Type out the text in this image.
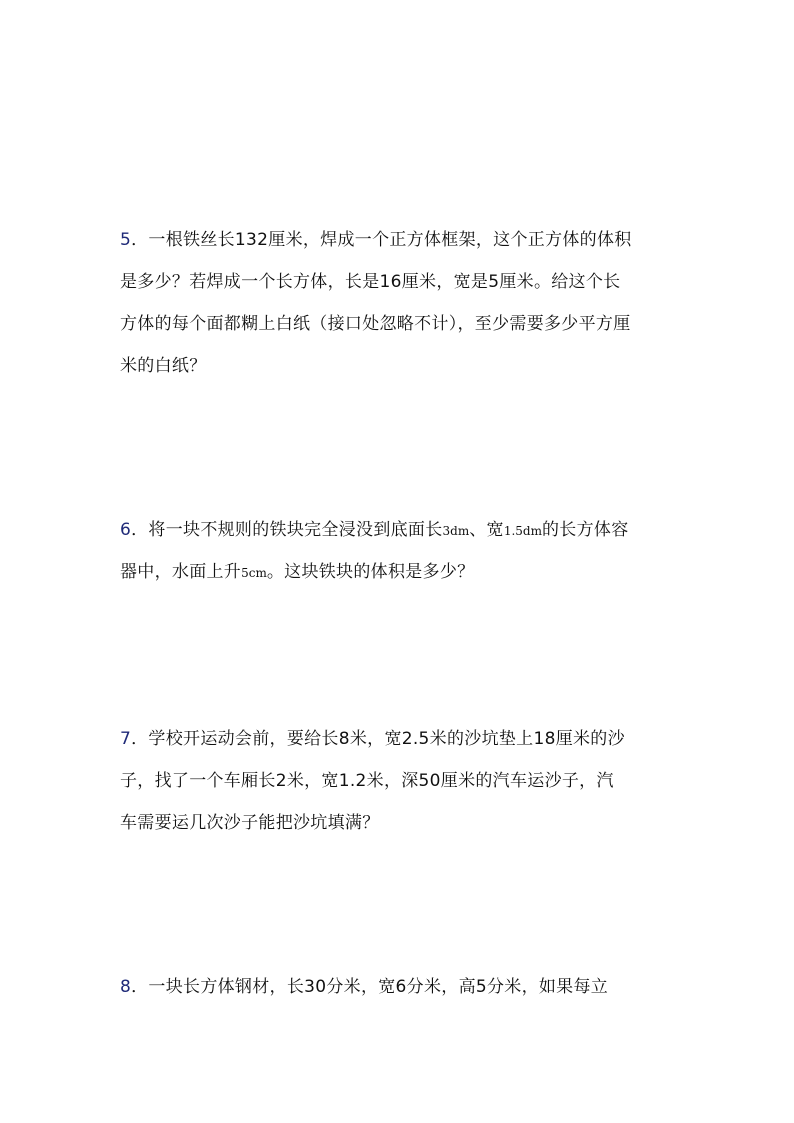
5．一根铁丝长132厘米，焊成一个正方体框架，这个正方体的体积
是多少？若焊成一个长方体，长是16厘米，宽是5厘米。给这个长
方体的每个面都糊上白纸（接口处忽略不计），至少需要多少平方厘
米的白纸？
6．将一块不规则的铁块完全浸没到底面长3dm、宽1.5dm的长方体容
器中，水面上升5cm。这块铁块的体积是多少？
7．学校开运动会前，要给长8米，宽2.5米的沙坑垫上18厘米的沙
子，找了一个车厢长2米，宽1.2米，深50厘米的汽车运沙子，汽
车需要运几次沙子能把沙坑填满？
8．一块长方体钢材，长30分米，宽6分米，高5分米，如果每立
